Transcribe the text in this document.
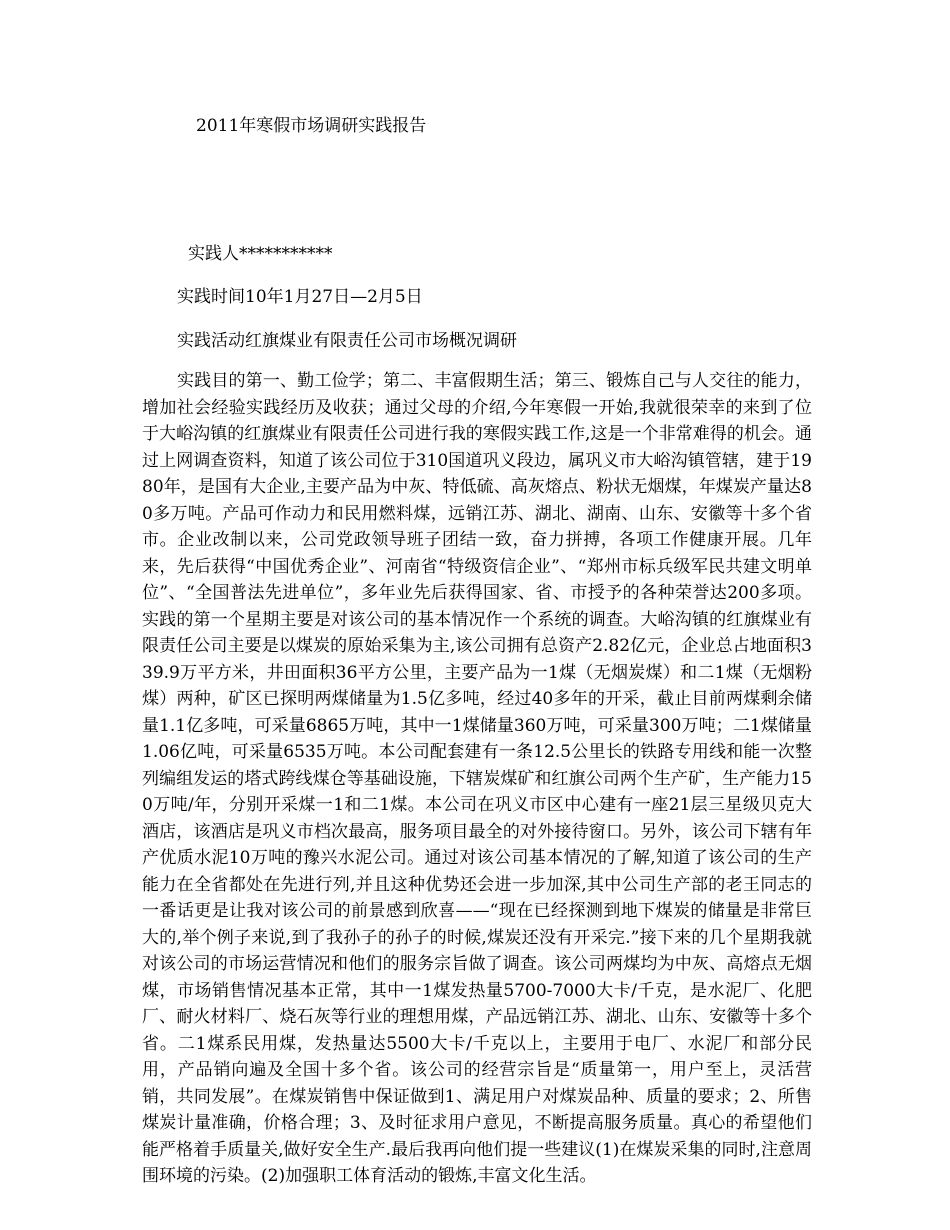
2011年寒假市场调研实践报告
实践人***********
实践时间10年1月27日—2月5日
实践活动红旗煤业有限责任公司市场概况调研

实践目的第一、勤工俭学；第二、丰富假期生活；第三、锻炼自己与人交往的能力，增加社会经验实践经历及收获；通过父母的介绍,今年寒假一开始,我就很荣幸的来到了位于大峪沟镇的红旗煤业有限责任公司进行我的寒假实践工作,这是一个非常难得的机会。通过上网调查资料，知道了该公司位于310国道巩义段边，属巩义市大峪沟镇管辖，建于1980年，是国有大企业,主要产品为中灰、特低硫、高灰熔点、粉状无烟煤，年煤炭产量达80多万吨。产品可作动力和民用燃料煤，远销江苏、湖北、湖南、山东、安徽等十多个省市。企业改制以来，公司党政领导班子团结一致，奋力拼搏，各项工作健康开展。几年来，先后获得“中国优秀企业”、河南省“特级资信企业”、“郑州市标兵级军民共建文明单位”、“全国普法先进单位”，多年业先后获得国家、省、市授予的各种荣誉达200多项。实践的第一个星期主要是对该公司的基本情况作一个系统的调查。大峪沟镇的红旗煤业有限责任公司主要是以煤炭的原始采集为主,该公司拥有总资产2.82亿元，企业总占地面积339.9万平方米，井田面积36平方公里，主要产品为一1煤（无烟炭煤）和二1煤（无烟粉煤）两种，矿区已探明两煤储量为1.5亿多吨，经过40多年的开采，截止目前两煤剩余储量1.1亿多吨，可采量6865万吨，其中一1煤储量360万吨，可采量300万吨；二1煤储量1.06亿吨，可采量6535万吨。本公司配套建有一条12.5公里长的铁路专用线和能一次整列编组发运的塔式跨线煤仓等基础设施，下辖炭煤矿和红旗公司两个生产矿，生产能力150万吨/年，分别开采煤一1和二1煤。本公司在巩义市区中心建有一座21层三星级贝克大酒店，该酒店是巩义市档次最高，服务项目最全的对外接待窗口。另外，该公司下辖有年产优质水泥10万吨的豫兴水泥公司。通过对该公司基本情况的了解,知道了该公司的生产能力在全省都处在先进行列,并且这种优势还会进一步加深,其中公司生产部的老王同志的一番话更是让我对该公司的前景感到欣喜——“现在已经探测到地下煤炭的储量是非常巨大的,举个例子来说,到了我孙子的孙子的时候,煤炭还没有开采完.”接下来的几个星期我就对该公司的市场运营情况和他们的服务宗旨做了调查。该公司两煤均为中灰、高熔点无烟煤，市场销售情况基本正常，其中一1煤发热量5700-7000大卡/千克，是水泥厂、化肥厂、耐火材料厂、烧石灰等行业的理想用煤，产品远销江苏、湖北、山东、安徽等十多个省。二1煤系民用煤，发热量达5500大卡/千克以上，主要用于电厂、水泥厂和部分民用，产品销向遍及全国十多个省。该公司的经营宗旨是“质量第一，用户至上，灵活营销，共同发展”。在煤炭销售中保证做到1、满足用户对煤炭品种、质量的要求；2、所售煤炭计量准确，价格合理；3、及时征求用户意见，不断提高服务质量。真心的希望他们能严格着手质量关,做好安全生产.最后我再向他们提一些建议(1)在煤炭采集的同时,注意周围环境的污染。(2)加强职工体育活动的锻炼,丰富文化生活。
